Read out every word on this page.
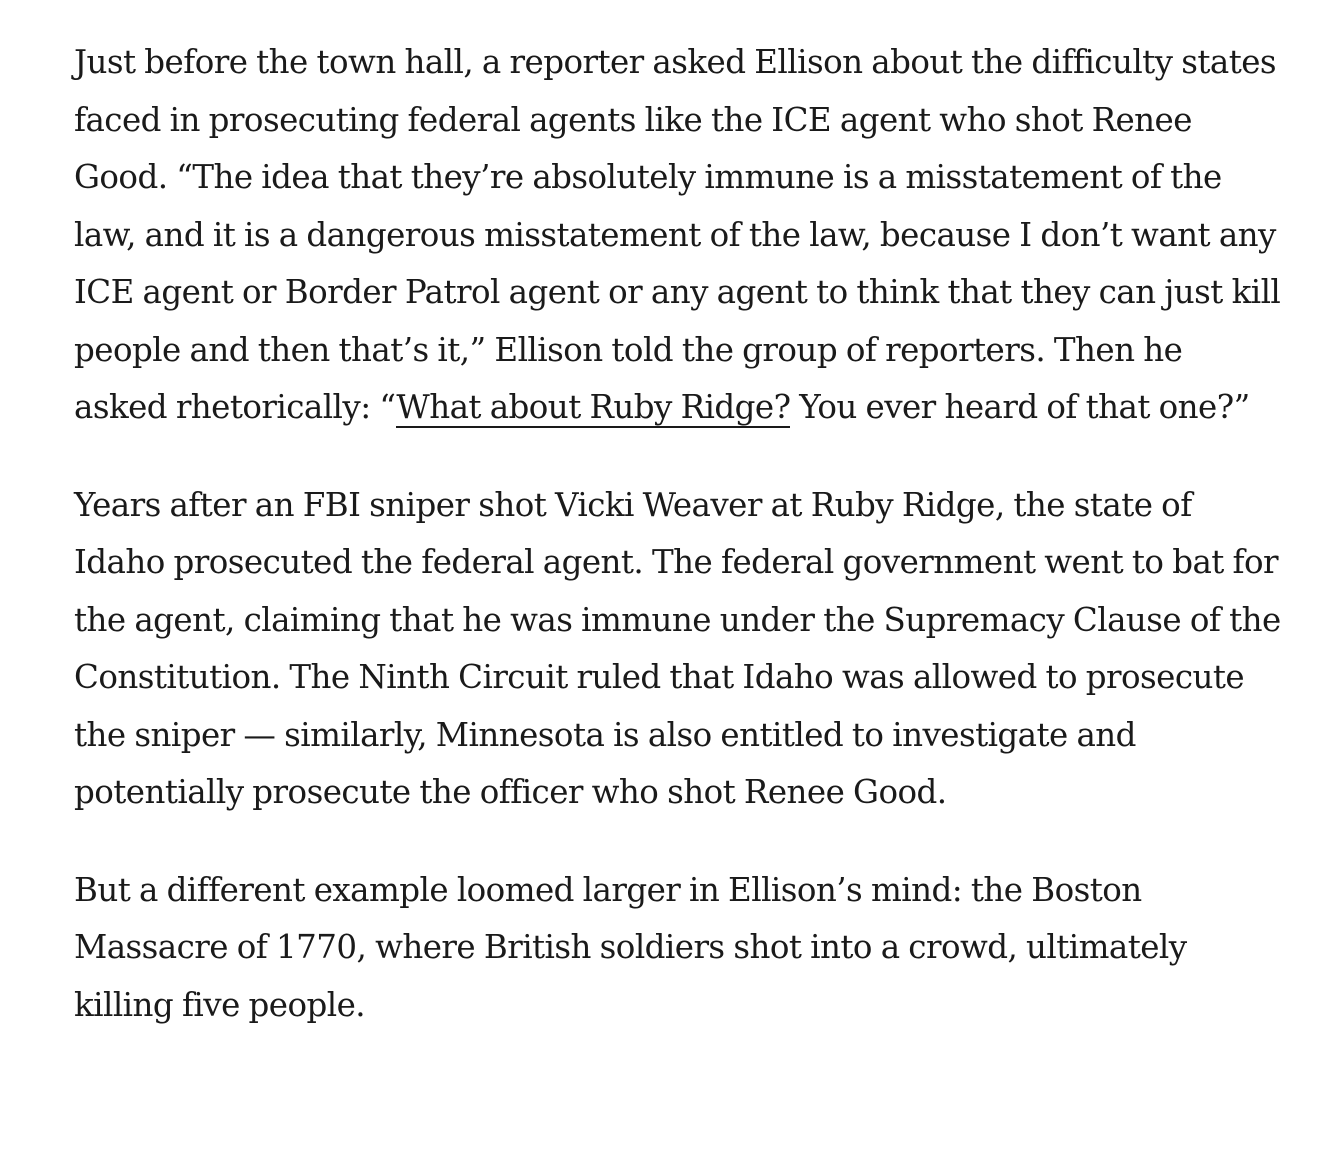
Just before the town hall, a reporter asked Ellison about the difficulty states faced in prosecuting federal agents like the ICE agent who shot Renee Good. “The idea that they’re absolutely immune is a misstatement of the law, and it is a dangerous misstatement of the law, because I don’t want any ICE agent or Border Patrol agent or any agent to think that they can just kill people and then that’s it,” Ellison told the group of reporters. Then he asked rhetorically: “What about Ruby Ridge? You ever heard of that one?”

Years after an FBI sniper shot Vicki Weaver at Ruby Ridge, the state of Idaho prosecuted the federal agent. The federal government went to bat for the agent, claiming that he was immune under the Supremacy Clause of the Constitution. The Ninth Circuit ruled that Idaho was allowed to prosecute the sniper — similarly, Minnesota is also entitled to investigate and potentially prosecute the officer who shot Renee Good.

But a different example loomed larger in Ellison’s mind: the Boston Massacre of 1770, where British soldiers shot into a crowd, ultimately killing five people.
